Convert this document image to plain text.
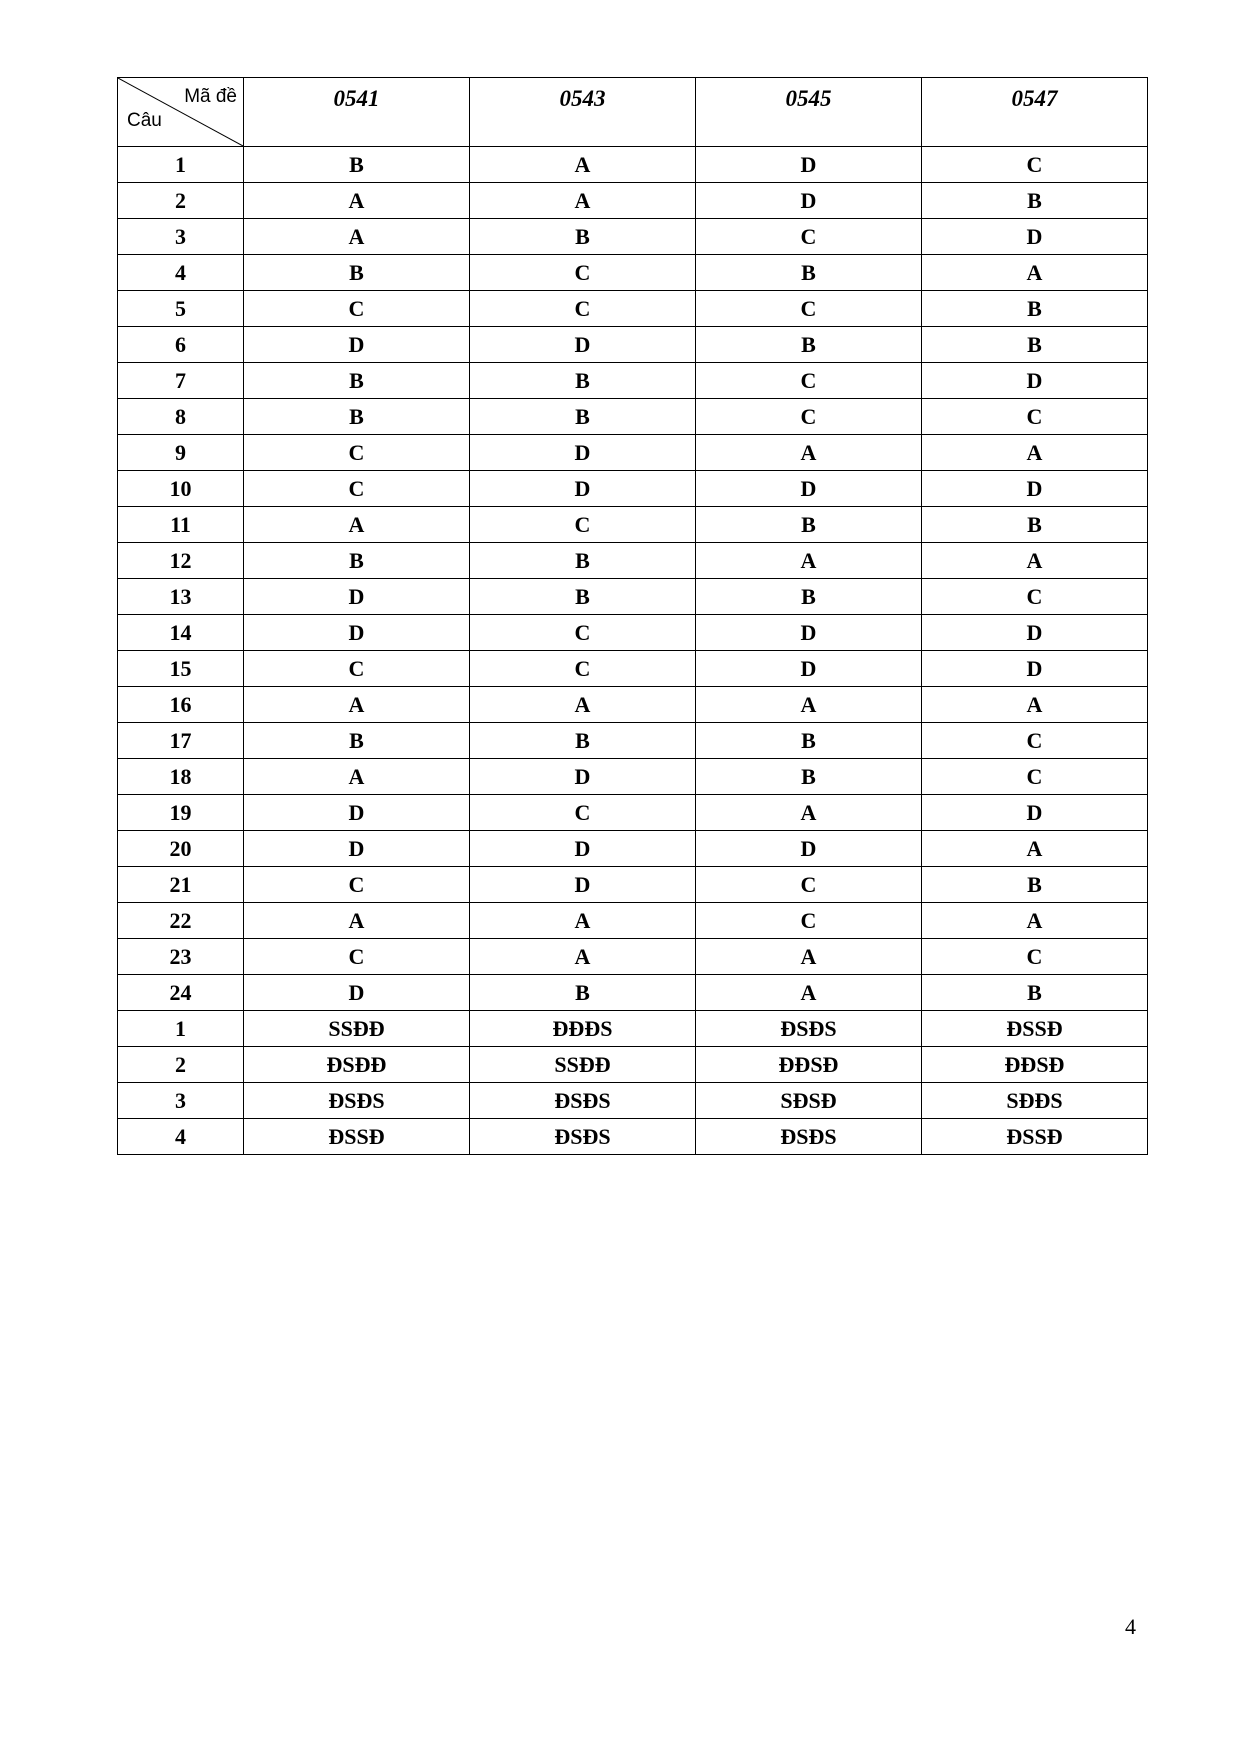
Mã đề
Câu	0541	0543	0545	0547
1	B	A	D	C
2	A	A	D	B
3	A	B	C	D
4	B	C	B	A
5	C	C	C	B
6	D	D	B	B
7	B	B	C	D
8	B	B	C	C
9	C	D	A	A
10	C	D	D	D
11	A	C	B	B
12	B	B	A	A
13	D	B	B	C
14	D	C	D	D
15	C	C	D	D
16	A	A	A	A
17	B	B	B	C
18	A	D	B	C
19	D	C	A	D
20	D	D	D	A
21	C	D	C	B
22	A	A	C	A
23	C	A	A	C
24	D	B	A	B
1	SSĐĐ	ĐĐĐS	ĐSĐS	ĐSSĐ
2	ĐSĐĐ	SSĐĐ	ĐĐSĐ	ĐĐSĐ
3	ĐSĐS	ĐSĐS	SĐSĐ	SĐĐS
4	ĐSSĐ	ĐSĐS	ĐSĐS	ĐSSĐ
4
